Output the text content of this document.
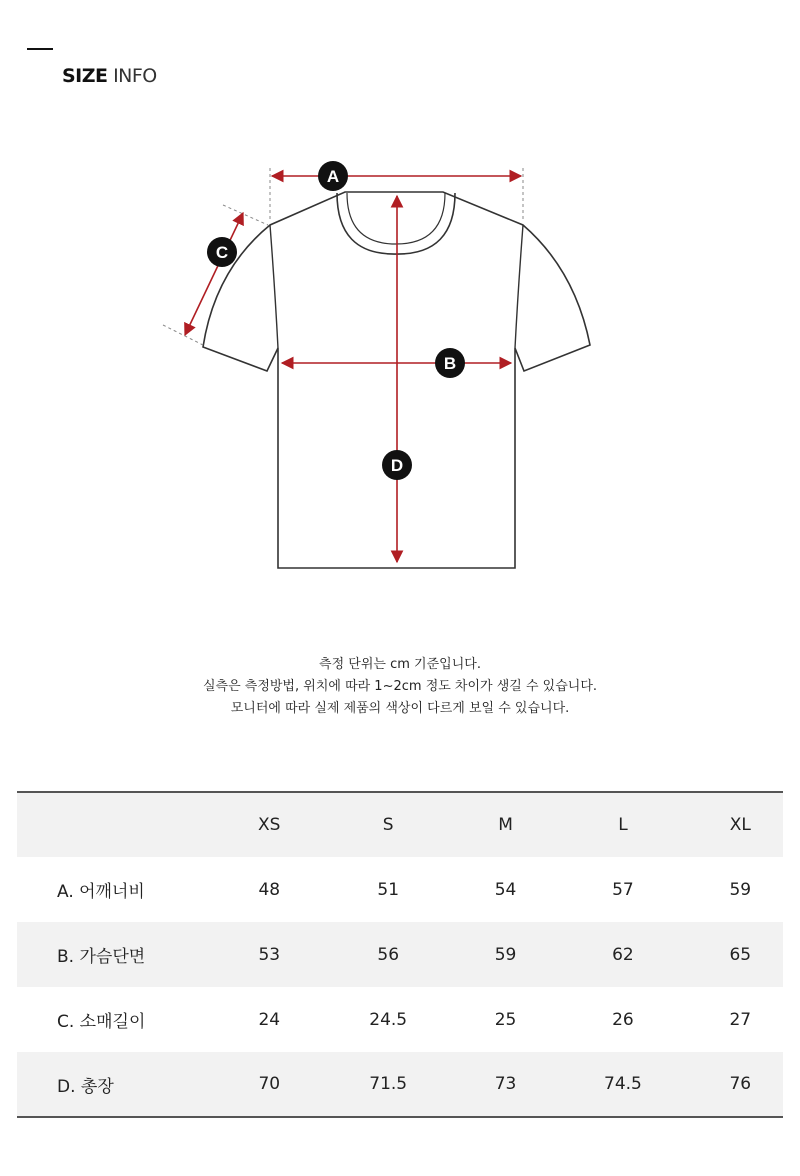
SIZE INFO
A
B
C
D
측정 단위는 cm 기준입니다.
실측은 측정방법, 위치에 따라 1~2cm 정도 차이가 생길 수 있습니다.
모니터에 따라 실제 제품의 색상이 다르게 보일 수 있습니다.
	XS	S	M	L	XL
A. 어깨너비	48	51	54	57	59
B. 가슴단면	53	56	59	62	65
C. 소매길이	24	24.5	25	26	27
D. 총장	70	71.5	73	74.5	76
